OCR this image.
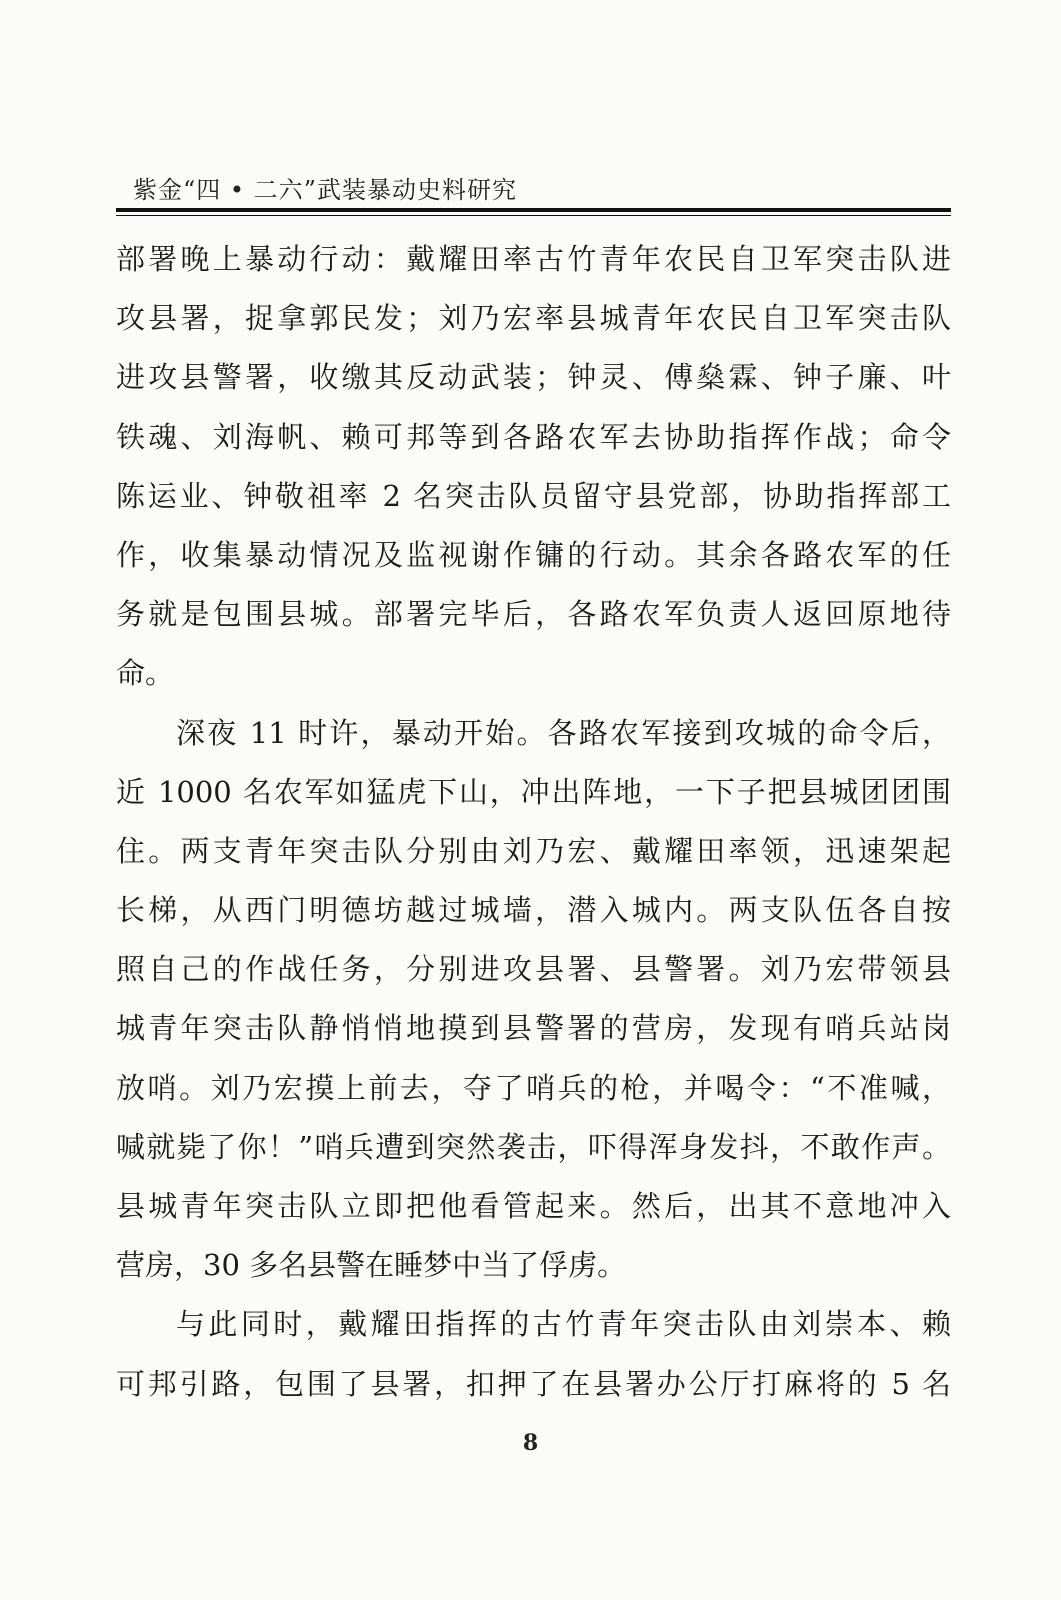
紫金“四 • 二六”武装暴动史料研究
部署晚上暴动行动：戴耀田率古竹青年农民自卫军突击队进
攻县署，捉拿郭民发；刘乃宏率县城青年农民自卫军突击队
进攻县警署，收缴其反动武装；钟灵、傅燊霖、钟子廉、叶
铁魂、刘海帆、赖可邦等到各路农军去协助指挥作战；命令
陈运业、钟敬祖率 2 名突击队员留守县党部，协助指挥部工
作，收集暴动情况及监视谢作镛的行动。其余各路农军的任
务就是包围县城。部署完毕后，各路农军负责人返回原地待
命。
深夜 11 时许，暴动开始。各路农军接到攻城的命令后，
近 1000 名农军如猛虎下山，冲出阵地，一下子把县城团团围
住。两支青年突击队分别由刘乃宏、戴耀田率领，迅速架起
长梯，从西门明德坊越过城墙，潜入城内。两支队伍各自按
照自己的作战任务，分别进攻县署、县警署。刘乃宏带领县
城青年突击队静悄悄地摸到县警署的营房，发现有哨兵站岗
放哨。刘乃宏摸上前去，夺了哨兵的枪，并喝令：“不准喊，
喊就毙了你！”哨兵遭到突然袭击，吓得浑身发抖，不敢作声。
县城青年突击队立即把他看管起来。然后，出其不意地冲入
营房，30 多名县警在睡梦中当了俘虏。
与此同时，戴耀田指挥的古竹青年突击队由刘崇本、赖
可邦引路，包围了县署，扣押了在县署办公厅打麻将的 5 名
8
